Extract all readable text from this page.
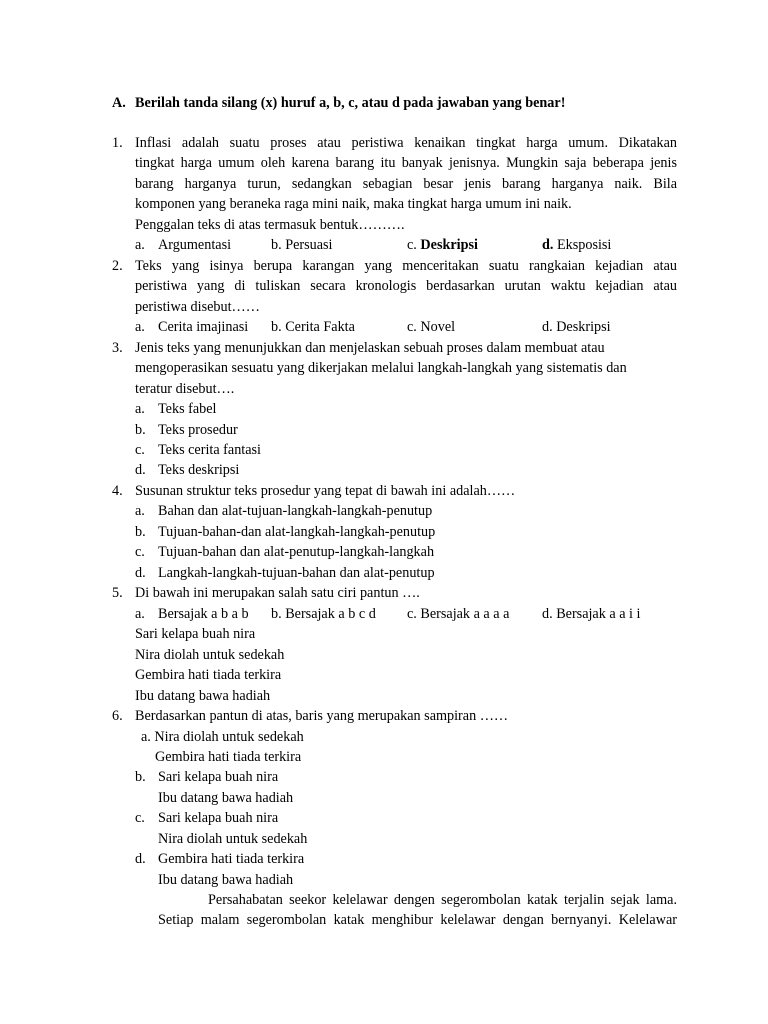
A. Berilah tanda silang (x) huruf a, b, c, atau d pada jawaban yang benar!
1. Inflasi adalah suatu proses atau peristiwa kenaikan tingkat harga umum. Dikatakan
tingkat harga umum oleh karena barang itu banyak jenisnya. Mungkin saja beberapa jenis
barang harganya turun, sedangkan sebagian besar jenis barang harganya naik. Bila
komponen yang beraneka raga mini naik, maka tingkat harga umum ini naik.
Penggalan teks di atas termasuk bentuk……….
a. Argumentasi	b. Persuasi	c. Deskripsi	d. Eksposisi
2. Teks yang isinya berupa karangan yang menceritakan suatu rangkaian kejadian atau
peristiwa yang di tuliskan secara kronologis berdasarkan urutan waktu kejadian atau
peristiwa disebut……
a. Cerita imajinasi b. Cerita Fakta	c. Novel	d. Deskripsi
3. Jenis teks yang menunjukkan dan menjelaskan sebuah proses dalam membuat atau
mengoperasikan sesuatu yang dikerjakan melalui langkah-langkah yang sistematis dan
teratur disebut….
a. Teks fabel
b. Teks prosedur
c. Teks cerita fantasi
d. Teks deskripsi
4. Susunan struktur teks prosedur yang tepat di bawah ini adalah……
a. Bahan dan alat-tujuan-langkah-langkah-penutup
b. Tujuan-bahan-dan alat-langkah-langkah-penutup
c. Tujuan-bahan dan alat-penutup-langkah-langkah
d. Langkah-langkah-tujuan-bahan dan alat-penutup
5. Di bawah ini merupakan salah satu ciri pantun ….
a. Bersajak a b a b b. Bersajak a b c d c. Bersajak a a a a d. Bersajak a a i i
Sari kelapa buah nira
Nira diolah untuk sedekah
Gembira hati tiada terkira
Ibu datang bawa hadiah
6. Berdasarkan pantun di atas, baris yang merupakan sampiran ……
a. Nira diolah untuk sedekah
Gembira hati tiada terkira
b. Sari kelapa buah nira
Ibu datang bawa hadiah
c. Sari kelapa buah nira
Nira diolah untuk sedekah
d. Gembira hati tiada terkira
Ibu datang bawa hadiah
Persahabatan seekor kelelawar dengen segerombolan katak terjalin sejak lama.
Setiap malam segerombolan katak menghibur kelelawar dengan bernyanyi. Kelelawar
